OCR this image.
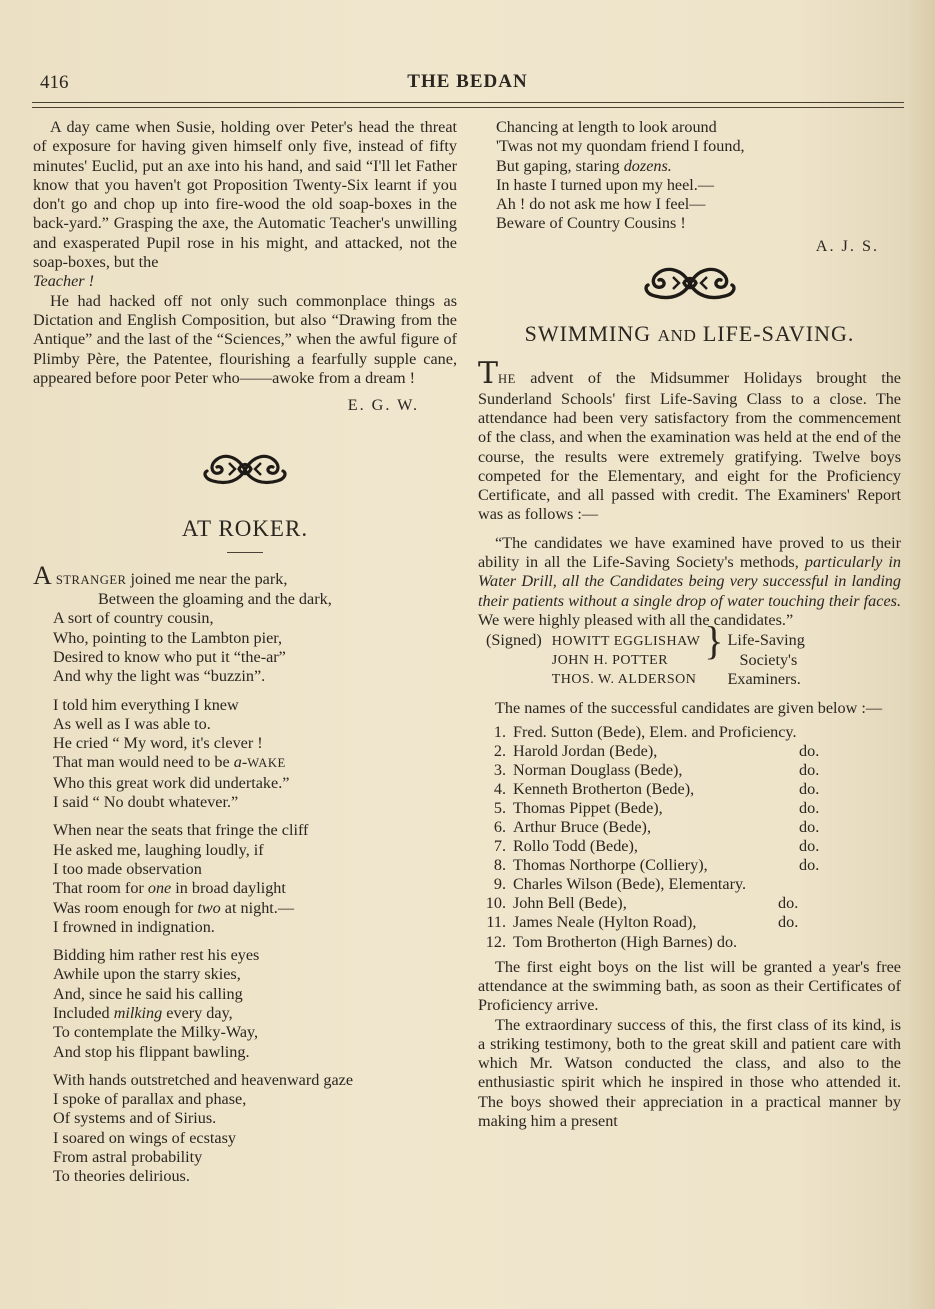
416	THE BEDAN

A day came when Susie, holding over Peter's head the threat of exposure for having given himself only five, instead of fifty minutes' Euclid, put an axe into his hand, and said “I'll let Father know that you haven't got Proposition Twenty-Six learnt if you don't go and chop up into fire-wood the old soap-boxes in the back-yard.” Grasping the axe, the Automatic Teacher's unwilling and exasperated Pupil rose in his might, and attacked, not the soap-boxes, but the
Teacher !

He had hacked off not only such commonplace things as Dictation and English Composition, but also “Drawing from the Antique” and the last of the “Sciences,” when the awful figure of Plimby Père, the Patentee, flourishing a fearfully supple cane, appeared before poor Peter who——awoke from a dream !

E. G. W.
AT ROKER.
A STRANGER joined me near the park,
Between the gloaming and the dark,
A sort of country cousin,
Who, pointing to the Lambton pier,
Desired to know who put it “the-ar”
And why the light was “buzzin”.
I told him everything I knew
As well as I was able to.
He cried “ My word, it's clever !
That man would need to be a-WAKE
Who this great work did undertake.”
I said “ No doubt whatever.”
When near the seats that fringe the cliff
He asked me, laughing loudly, if
I too made observation
That room for one in broad daylight
Was room enough for two at night.—
I frowned in indignation.
Bidding him rather rest his eyes
Awhile upon the starry skies,
And, since he said his calling
Included milking every day,
To contemplate the Milky-Way,
And stop his flippant bawling.
With hands outstretched and heavenward gaze
I spoke of parallax and phase,
Of systems and of Sirius.
I soared on wings of ecstasy
From astral probability
To theories delirious.
Chancing at length to look around
'Twas not my quondam friend I found,
But gaping, staring dozens.
In haste I turned upon my heel.—
Ah ! do not ask me how I feel—
Beware of Country Cousins !
A. J. S.
SWIMMING AND LIFE-SAVING.

THE advent of the Midsummer Holidays brought the Sunderland Schools' first Life-Saving Class to a close. The attendance had been very satisfactory from the commencement of the class, and when the examination was held at the end of the course, the results were extremely gratifying. Twelve boys competed for the Elementary, and eight for the Proficiency Certificate, and all passed with credit. The Examiners' Report was as follows :—

“The candidates we have examined have proved to us their ability in all the Life-Saving Society's methods, particularly in Water Drill, all the Candidates being very successful in landing their patients without a single drop of water touching their faces. We were highly pleased with all the candidates.”

(Signed)	HOWITT EGGLISHAW	}	Life-Saving
	JOHN H. POTTER		Society's
	THOS. W. ALDERSON		Examiners.

The names of the successful candidates are given below :—

1. Fred. Sutton (Bede), Elem. and Proficiency.
2. Harold Jordan (Bede),	do.
3. Norman Douglass (Bede),	do.
4. Kenneth Brotherton (Bede),	do.
5. Thomas Pippet (Bede),	do.
6. Arthur Bruce (Bede),	do.
7. Rollo Todd (Bede),	do.
8. Thomas Northorpe (Colliery),	do.
9. Charles Wilson (Bede), Elementary.
10. John Bell (Bede),	do.
11. James Neale (Hylton Road),	do.
12. Tom Brotherton (High Barnes) do.

The first eight boys on the list will be granted a year's free attendance at the swimming bath, as soon as their Certificates of Proficiency arrive.

The extraordinary success of this, the first class of its kind, is a striking testimony, both to the great skill and patient care with which Mr. Watson conducted the class, and also to the enthusiastic spirit which he inspired in those who attended it. The boys showed their appreciation in a practical manner by making him a present
